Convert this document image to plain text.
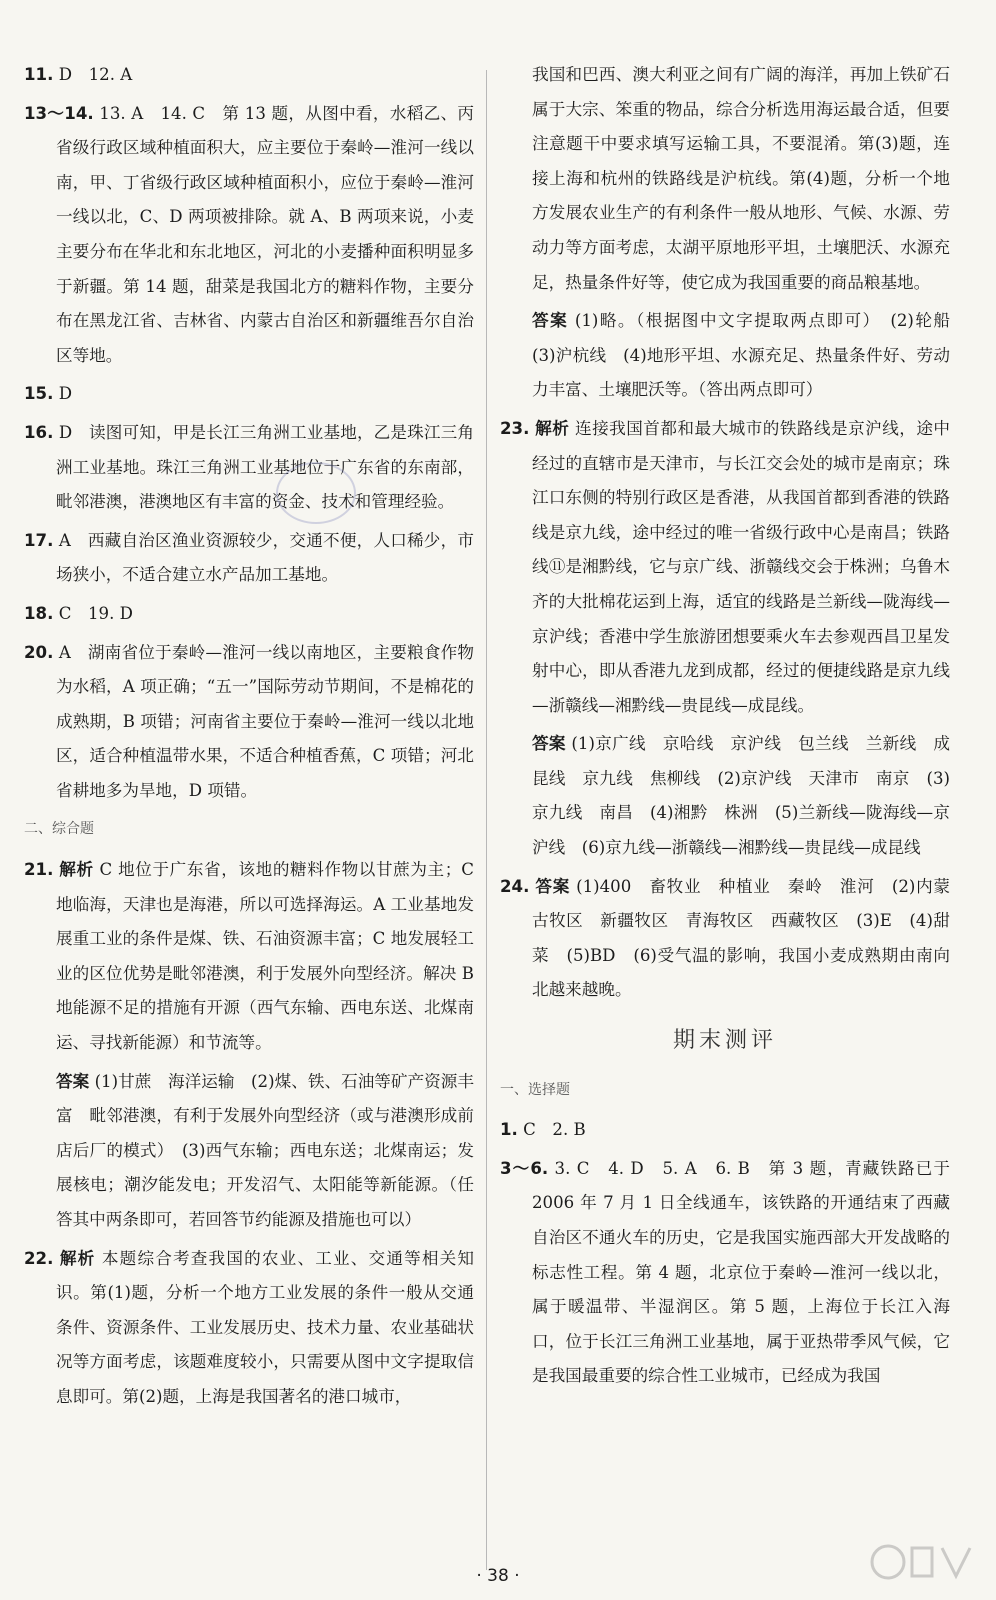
11. D　12. A
13～14. 13. A　14. C　第 13 题，从图中看，水稻乙、丙省级行政区域种植面积大，应主要位于秦岭—淮河一线以南，甲、丁省级行政区域种植面积小，应位于秦岭—淮河一线以北，C、D 两项被排除。就 A、B 两项来说，小麦主要分布在华北和东北地区，河北的小麦播种面积明显多于新疆。第 14 题，甜菜是我国北方的糖料作物，主要分布在黑龙江省、吉林省、内蒙古自治区和新疆维吾尔自治区等地。
15. D
16. D　读图可知，甲是长江三角洲工业基地，乙是珠江三角洲工业基地。珠江三角洲工业基地位于广东省的东南部，毗邻港澳，港澳地区有丰富的资金、技术和管理经验。
17. A　西藏自治区渔业资源较少，交通不便，人口稀少，市场狭小，不适合建立水产品加工基地。
18. C　19. D
20. A　湖南省位于秦岭—淮河一线以南地区，主要粮食作物为水稻，A 项正确；“五一”国际劳动节期间，不是棉花的成熟期，B 项错；河南省主要位于秦岭—淮河一线以北地区，适合种植温带水果，不适合种植香蕉，C 项错；河北省耕地多为旱地，D 项错。
二、综合题
21. 解析 C 地位于广东省，该地的糖料作物以甘蔗为主；C 地临海，天津也是海港，所以可选择海运。A 工业基地发展重工业的条件是煤、铁、石油资源丰富；C 地发展轻工业的区位优势是毗邻港澳，利于发展外向型经济。解决 B 地能源不足的措施有开源（西气东输、西电东送、北煤南运、寻找新能源）和节流等。
答案 (1)甘蔗　海洋运输　(2)煤、铁、石油等矿产资源丰富　毗邻港澳，有利于发展外向型经济（或与港澳形成前店后厂的模式）　(3)西气东输；西电东送；北煤南运；发展核电；潮汐能发电；开发沼气、太阳能等新能源。（任答其中两条即可，若回答节约能源及措施也可以）
22. 解析 本题综合考查我国的农业、工业、交通等相关知识。第(1)题，分析一个地方工业发展的条件一般从交通条件、资源条件、工业发展历史、技术力量、农业基础状况等方面考虑，该题难度较小，只需要从图中文字提取信息即可。第(2)题，上海是我国著名的港口城市，
我国和巴西、澳大利亚之间有广阔的海洋，再加上铁矿石属于大宗、笨重的物品，综合分析选用海运最合适，但要注意题干中要求填写运输工具，不要混淆。第(3)题，连接上海和杭州的铁路线是沪杭线。第(4)题，分析一个地方发展农业生产的有利条件一般从地形、气候、水源、劳动力等方面考虑，太湖平原地形平坦，土壤肥沃、水源充足，热量条件好等，使它成为我国重要的商品粮基地。
答案 (1)略。（根据图中文字提取两点即可）　(2)轮船　(3)沪杭线　(4)地形平坦、水源充足、热量条件好、劳动力丰富、土壤肥沃等。（答出两点即可）
23. 解析 连接我国首都和最大城市的铁路线是京沪线，途中经过的直辖市是天津市，与长江交会处的城市是南京；珠江口东侧的特别行政区是香港，从我国首都到香港的铁路线是京九线，途中经过的唯一省级行政中心是南昌；铁路线⑪是湘黔线，它与京广线、浙赣线交会于株洲；乌鲁木齐的大批棉花运到上海，适宜的线路是兰新线—陇海线—京沪线；香港中学生旅游团想要乘火车去参观西昌卫星发射中心，即从香港九龙到成都，经过的便捷线路是京九线—浙赣线—湘黔线—贵昆线—成昆线。
答案 (1)京广线　京哈线　京沪线　包兰线　兰新线　成昆线　京九线　焦柳线　(2)京沪线　天津市　南京　(3)京九线　南昌　(4)湘黔　株洲　(5)兰新线—陇海线—京沪线　(6)京九线—浙赣线—湘黔线—贵昆线—成昆线
24. 答案 (1)400　畜牧业　种植业　秦岭　淮河　(2)内蒙古牧区　新疆牧区　青海牧区　西藏牧区　(3)E　(4)甜菜　(5)BD　(6)受气温的影响，我国小麦成熟期由南向北越来越晚。
期末测评
一、选择题
1. C　2. B
3～6. 3. C　4. D　5. A　6. B　第 3 题，青藏铁路已于 2006 年 7 月 1 日全线通车，该铁路的开通结束了西藏自治区不通火车的历史，它是我国实施西部大开发战略的标志性工程。第 4 题，北京位于秦岭—淮河一线以北，属于暖温带、半湿润区。第 5 题，上海位于长江入海口，位于长江三角洲工业基地，属于亚热带季风气候，它是我国最重要的综合性工业城市，已经成为我国
· 38 ·
